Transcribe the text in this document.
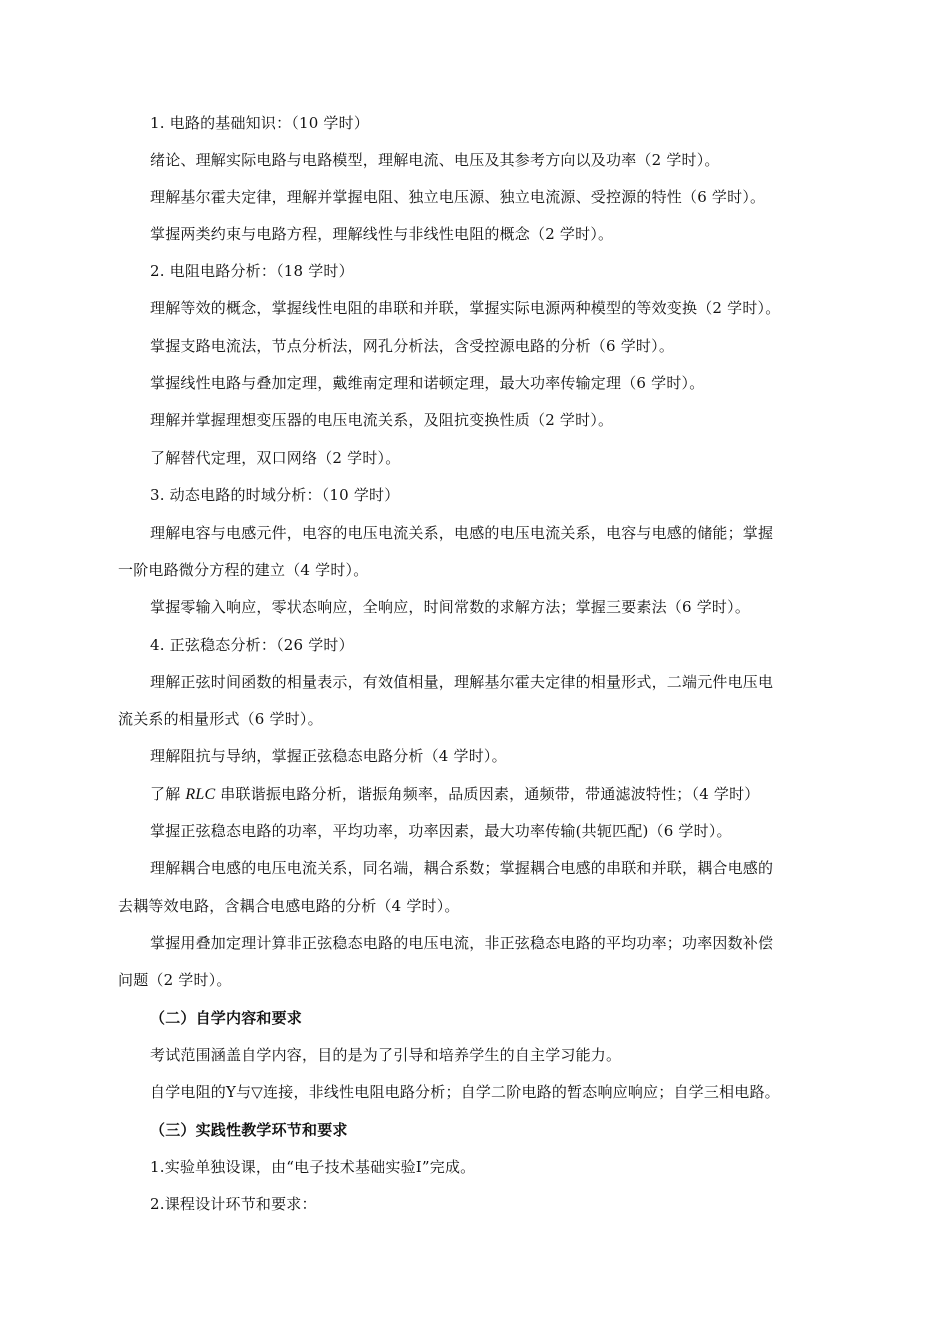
1. 电路的基础知识：（10 学时）
绪论、理解实际电路与电路模型，理解电流、电压及其参考方向以及功率（2 学时）。
理解基尔霍夫定律，理解并掌握电阻、独立电压源、独立电流源、受控源的特性（6 学时）。
掌握两类约束与电路方程，理解线性与非线性电阻的概念（2 学时）。
2. 电阻电路分析：（18 学时）
理解等效的概念，掌握线性电阻的串联和并联，掌握实际电源两种模型的等效变换（2 学时）。
掌握支路电流法，节点分析法，网孔分析法，含受控源电路的分析（6 学时）。
掌握线性电路与叠加定理，戴维南定理和诺顿定理，最大功率传输定理（6 学时）。
理解并掌握理想变压器的电压电流关系，及阻抗变换性质（2 学时）。
了解替代定理，双口网络（2 学时）。
3. 动态电路的时域分析：（10 学时）
理解电容与电感元件，电容的电压电流关系，电感的电压电流关系，电容与电感的储能；掌握
一阶电路微分方程的建立（4 学时）。
掌握零输入响应，零状态响应，全响应，时间常数的求解方法；掌握三要素法（6 学时）。
4. 正弦稳态分析：（26 学时）
理解正弦时间函数的相量表示，有效值相量，理解基尔霍夫定律的相量形式，二端元件电压电
流关系的相量形式（6 学时）。
理解阻抗与导纳，掌握正弦稳态电路分析（4 学时）。
了解 RLC 串联谐振电路分析，谐振角频率，品质因素，通频带，带通滤波特性；（4 学时）
掌握正弦稳态电路的功率，平均功率，功率因素，最大功率传输(共轭匹配)（6 学时）。
理解耦合电感的电压电流关系，同名端，耦合系数；掌握耦合电感的串联和并联，耦合电感的
去耦等效电路，含耦合电感电路的分析（4 学时）。
掌握用叠加定理计算非正弦稳态电路的电压电流，非正弦稳态电路的平均功率；功率因数补偿
问题（2 学时）。
（二）自学内容和要求
考试范围涵盖自学内容，目的是为了引导和培养学生的自主学习能力。
自学电阻的Y与▽连接，非线性电阻电路分析；自学二阶电路的暂态响应响应；自学三相电路。
（三）实践性教学环节和要求
1.实验单独设课，由“电子技术基础实验Ⅰ”完成。
2.课程设计环节和要求：
